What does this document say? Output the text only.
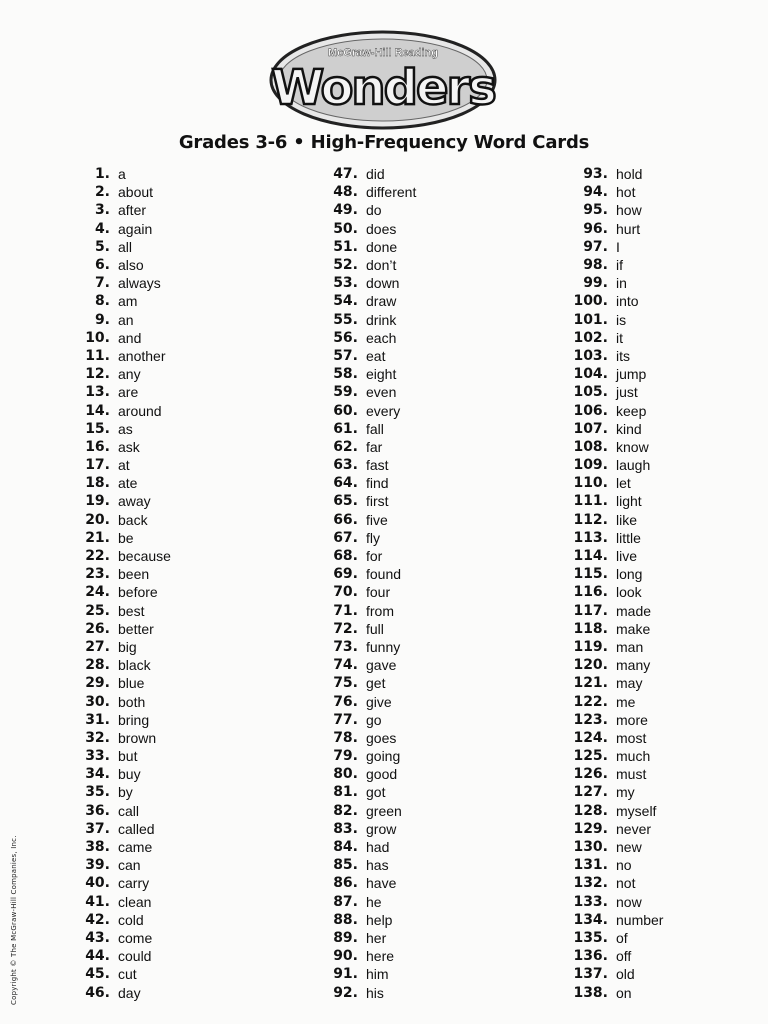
McGraw-Hill Reading
Wonders
Grades 3-6 • High-Frequency Word Cards
1. a
2. about
3. after
4. again
5. all
6. also
7. always
8. am
9. an
10. and
11. another
12. any
13. are
14. around
15. as
16. ask
17. at
18. ate
19. away
20. back
21. be
22. because
23. been
24. before
25. best
26. better
27. big
28. black
29. blue
30. both
31. bring
32. brown
33. but
34. buy
35. by
36. call
37. called
38. came
39. can
40. carry
41. clean
42. cold
43. come
44. could
45. cut
46. day
47. did
48. different
49. do
50. does
51. done
52. don’t
53. down
54. draw
55. drink
56. each
57. eat
58. eight
59. even
60. every
61. fall
62. far
63. fast
64. find
65. first
66. five
67. fly
68. for
69. found
70. four
71. from
72. full
73. funny
74. gave
75. get
76. give
77. go
78. goes
79. going
80. good
81. got
82. green
83. grow
84. had
85. has
86. have
87. he
88. help
89. her
90. here
91. him
92. his
93. hold
94. hot
95. how
96. hurt
97. I
98. if
99. in
100. into
101. is
102. it
103. its
104. jump
105. just
106. keep
107. kind
108. know
109. laugh
110. let
111. light
112. like
113. little
114. live
115. long
116. look
117. made
118. make
119. man
120. many
121. may
122. me
123. more
124. most
125. much
126. must
127. my
128. myself
129. never
130. new
131. no
132. not
133. now
134. number
135. of
136. off
137. old
138. on
Copyright © The McGraw-Hill Companies, Inc.
